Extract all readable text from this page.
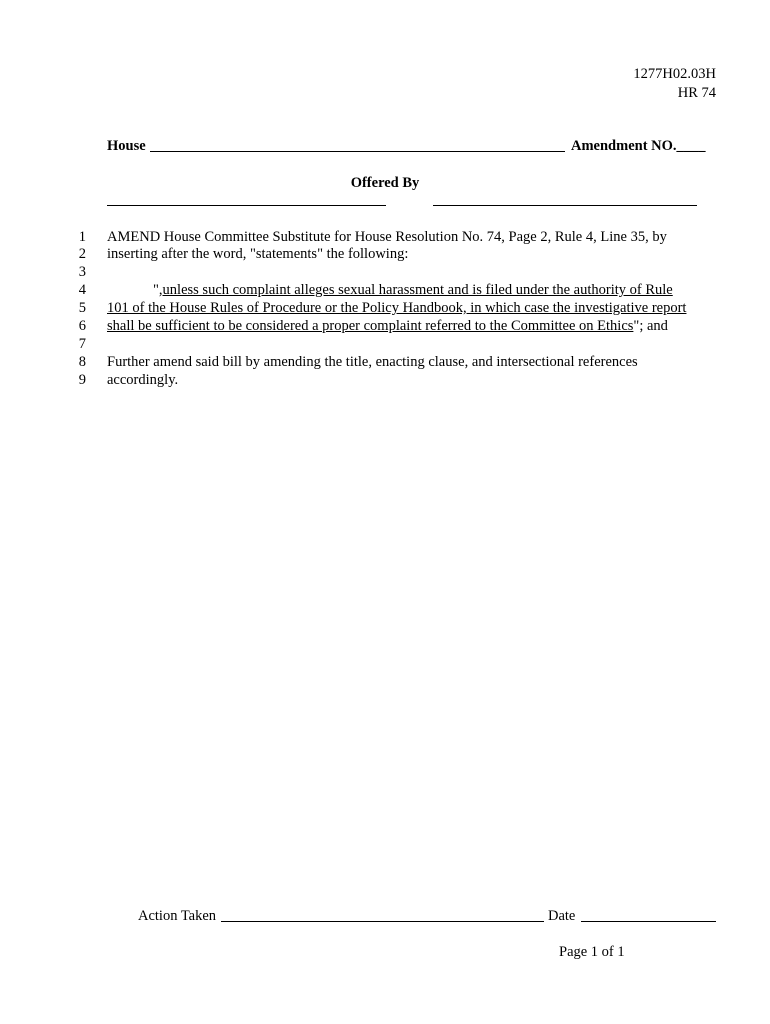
1277H02.03H
HR 74
House	Amendment NO.____
Offered By
1
2
3
4
5
6
7
8
9
AMEND House Committee Substitute for House Resolution No. 74, Page 2, Rule 4, Line 35, by
inserting after the word, "statements" the following:
",unless such complaint alleges sexual harassment and is filed under the authority of Rule
101 of the House Rules of Procedure or the Policy Handbook, in which case the investigative report
shall be sufficient to be considered a proper complaint referred to the Committee on Ethics"; and
Further amend said bill by amending the title, enacting clause, and intersectional references
accordingly.
Action Taken	Date
Page 1 of 1
